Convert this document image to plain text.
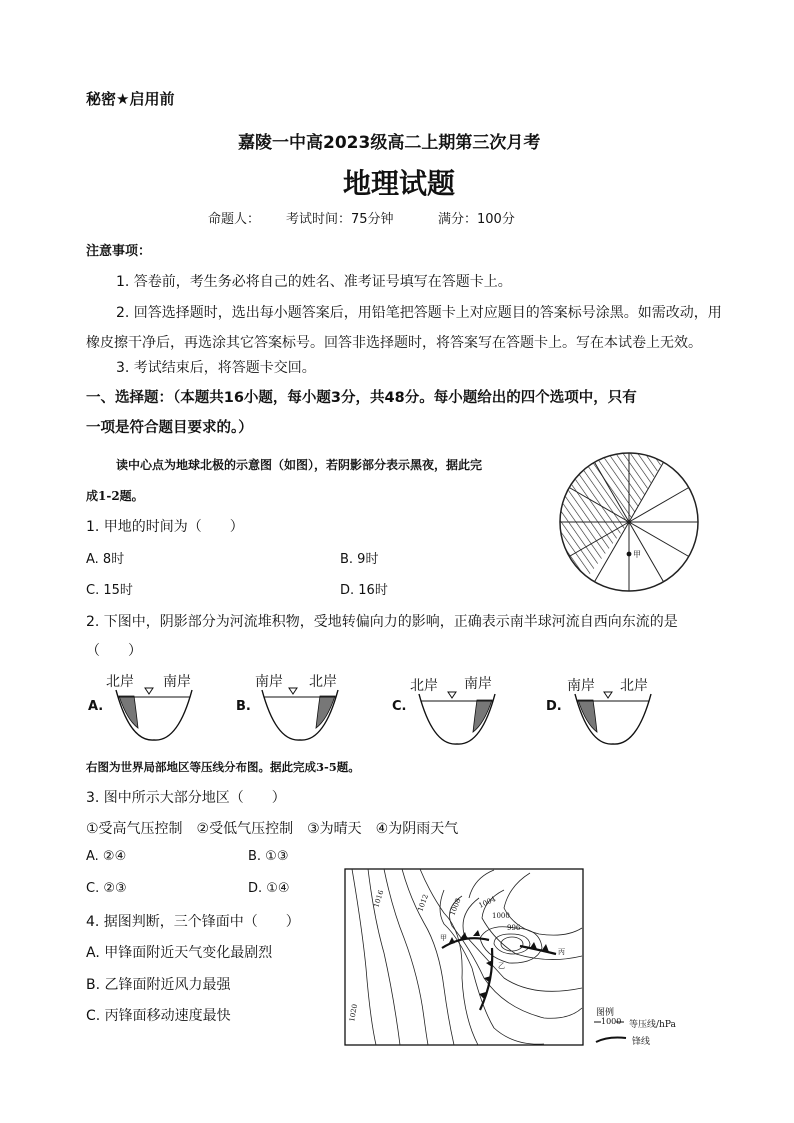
秘密★启用前
嘉陵一中高2023级高二上期第三次月考
地理试题
命题人： 考试时间：75分钟	满分：100分
注意事项：
1. 答卷前，考生务必将自己的姓名、准考证号填写在答题卡上。
2. 回答选择题时，选出每小题答案后，用铅笔把答题卡上对应题目的答案标号涂黑。如需改动，用
橡皮擦干净后，再选涂其它答案标号。回答非选择题时，将答案写在答题卡上。写在本试卷上无效。
3. 考试结束后，将答题卡交回。
一、选择题：（本题共16小题，每小题3分，共48分。每小题给出的四个选项中，只有
一项是符合题目要求的。）
读中心点为地球北极的示意图（如图），若阴影部分表示黑夜，据此完
成1-2题。
1. 甲地的时间为（　　）
A. 8时	B. 9时
C. 15时	D. 16时
甲
2. 下图中，阴影部分为河流堆积物，受地转偏向力的影响，正确表示南半球河流自西向东流的是
（　　）
A.
北岸 南岸
B.
南岸 北岸
C.
北岸 南岸
D.
南岸 北岸
右图为世界局部地区等压线分布图。据此完成3-5题。
3. 图中所示大部分地区（　　）
①受高气压控制　②受低气压控制　③为晴天　④为阴雨天气
A. ②④	B. ①③
C. ②③	D. ①④
4. 据图判断，三个锋面中（　　）
A. 甲锋面附近天气变化最剧烈
B. 乙锋面附近风力最强
C. 丙锋面移动速度最快
1016	1012	1008 1004
1000
996
1020
甲
乙
丙
图例
1000 等压线/hPa
锋线
